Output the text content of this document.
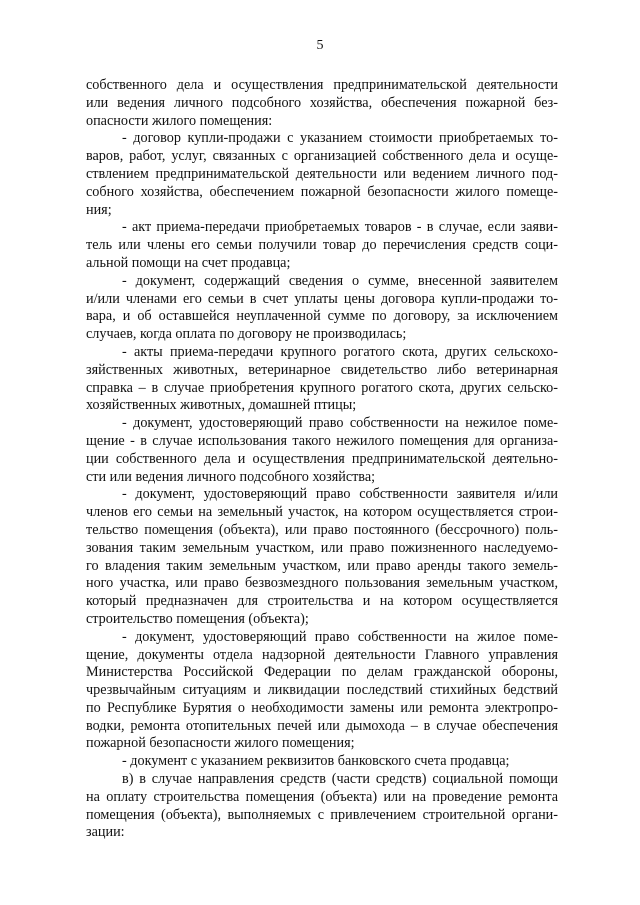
5
собственного дела и осуществления предпринимательской деятельности
или ведения личного подсобного хозяйства, обеспечения пожарной без-
опасности жилого помещения:
- договор купли-продажи с указанием стоимости приобретаемых то-
варов, работ, услуг, связанных с организацией собственного дела и осуще-
ствлением предпринимательской деятельности или ведением личного под-
собного хозяйства, обеспечением пожарной безопасности жилого помеще-
ния;
- акт приема-передачи приобретаемых товаров - в случае, если заяви-
тель или члены его семьи получили товар до перечисления средств соци-
альной помощи на счет продавца;
- документ, содержащий сведения о сумме, внесенной заявителем
и/или членами его семьи в счет уплаты цены договора купли-продажи то-
вара, и об оставшейся неуплаченной сумме по договору, за исключением
случаев, когда оплата по договору не производилась;
- акты приема-передачи крупного рогатого скота, других сельскохо-
зяйственных животных, ветеринарное свидетельство либо ветеринарная
справка – в случае приобретения крупного рогатого скота, других сельско-
хозяйственных животных, домашней птицы;
- документ, удостоверяющий право собственности на нежилое поме-
щение - в случае использования такого нежилого помещения для организа-
ции собственного дела и осуществления предпринимательской деятельно-
сти или ведения личного подсобного хозяйства;
- документ, удостоверяющий право собственности заявителя и/или
членов его семьи на земельный участок, на котором осуществляется строи-
тельство помещения (объекта), или право постоянного (бессрочного) поль-
зования таким земельным участком, или право пожизненного наследуемо-
го владения таким земельным участком, или право аренды такого земель-
ного участка, или право безвозмездного пользования земельным участком,
который предназначен для строительства и на котором осуществляется
строительство помещения (объекта);
- документ, удостоверяющий право собственности на жилое поме-
щение, документы отдела надзорной деятельности Главного управления
Министерства Российской Федерации по делам гражданской обороны,
чрезвычайным ситуациям и ликвидации последствий стихийных бедствий
по Республике Бурятия о необходимости замены или ремонта электропро-
водки, ремонта отопительных печей или дымохода – в случае обеспечения
пожарной безопасности жилого помещения;
- документ с указанием реквизитов банковского счета продавца;
в) в случае направления средств (части средств) социальной помощи
на оплату строительства помещения (объекта) или на проведение ремонта
помещения (объекта), выполняемых с привлечением строительной органи-
зации:
